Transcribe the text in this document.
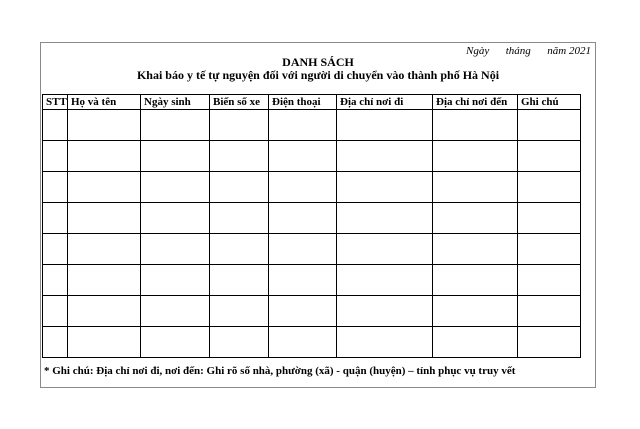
Ngày      tháng      năm 2021
DANH SÁCH
Khai báo y tế tự nguyện đối với người di chuyển vào thành phố Hà Nội
STT	Họ và tên	Ngày sinh	Biển số xe	Điện thoại	Địa chỉ nơi đi	Địa chỉ nơi đến	Ghi chú

* Ghi chú: Địa chỉ nơi đi, nơi đến: Ghi rõ số nhà, phường (xã) - quận (huyện) – tỉnh phục vụ truy vết
